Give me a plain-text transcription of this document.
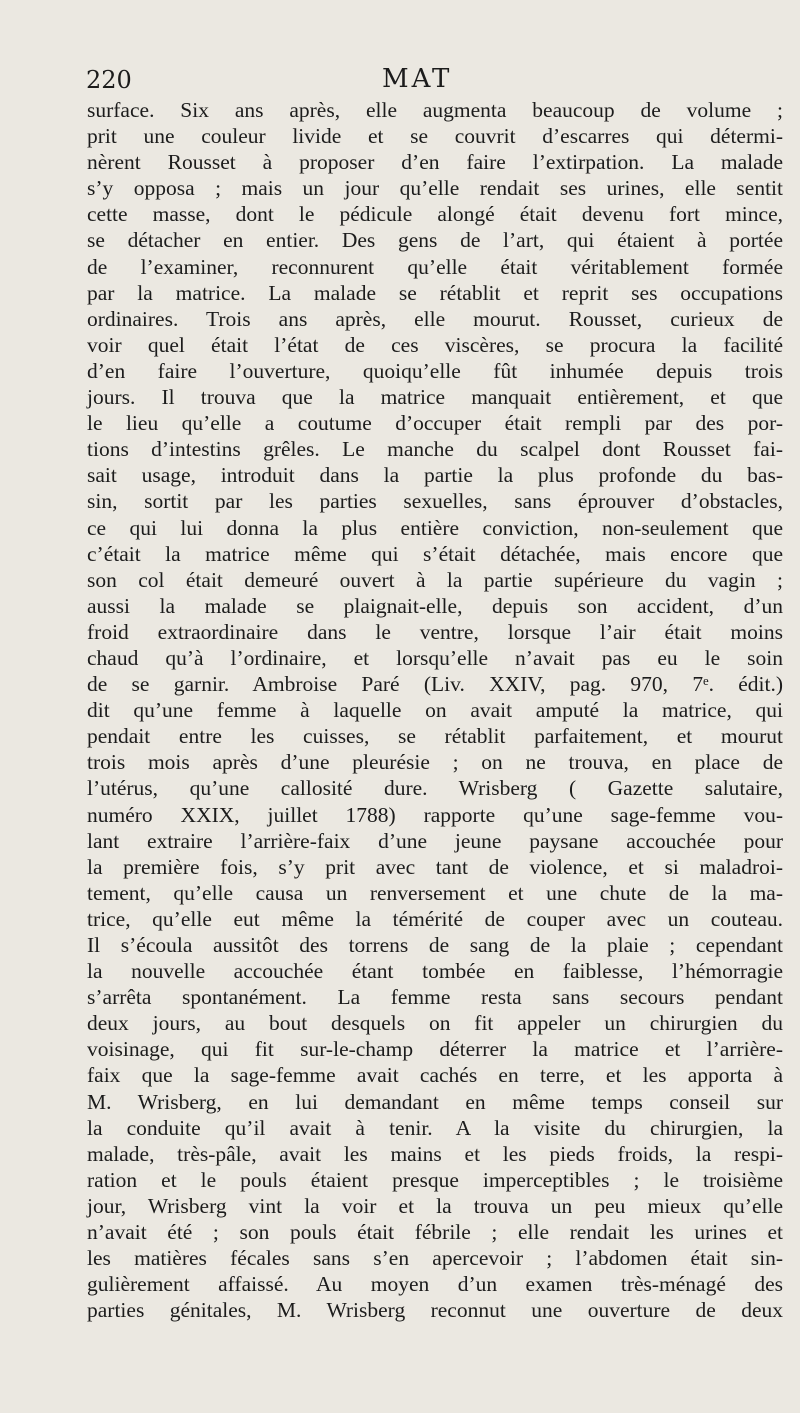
220	MAT
surface. Six ans après, elle augmenta beaucoup de volume ;
prit une couleur livide et se couvrit d’escarres qui détermi-
nèrent Rousset à proposer d’en faire l’extirpation. La malade
s’y opposa ; mais un jour qu’elle rendait ses urines, elle sentit
cette masse, dont le pédicule alongé était devenu fort mince,
se détacher en entier. Des gens de l’art, qui étaient à portée
de l’examiner, reconnurent qu’elle était véritablement formée
par la matrice. La malade se rétablit et reprit ses occupations
ordinaires. Trois ans après, elle mourut. Rousset, curieux de
voir quel était l’état de ces viscères, se procura la facilité
d’en faire l’ouverture, quoiqu’elle fût inhumée depuis trois
jours. Il trouva que la matrice manquait entièrement, et que
le lieu qu’elle a coutume d’occuper était rempli par des por-
tions d’intestins grêles. Le manche du scalpel dont Rousset fai-
sait usage, introduit dans la partie la plus profonde du bas-
sin, sortit par les parties sexuelles, sans éprouver d’obstacles,
ce qui lui donna la plus entière conviction, non-seulement que
c’était la matrice même qui s’était détachée, mais encore que
son col était demeuré ouvert à la partie supérieure du vagin ;
aussi la malade se plaignait-elle, depuis son accident, d’un
froid extraordinaire dans le ventre, lorsque l’air était moins
chaud qu’à l’ordinaire, et lorsqu’elle n’avait pas eu le soin
de se garnir. Ambroise Paré (Liv. XXIV, pag. 970, 7ᵉ. édit.)
dit qu’une femme à laquelle on avait amputé la matrice, qui
pendait entre les cuisses, se rétablit parfaitement, et mourut
trois mois après d’une pleurésie ; on ne trouva, en place de
l’utérus, qu’une callosité dure. Wrisberg ( Gazette salutaire,
numéro XXIX, juillet 1788) rapporte qu’une sage-femme vou-
lant extraire l’arrière-faix d’une jeune paysane accouchée pour
la première fois, s’y prit avec tant de violence, et si maladroi-
tement, qu’elle causa un renversement et une chute de la ma-
trice, qu’elle eut même la témérité de couper avec un couteau.
Il s’écoula aussitôt des torrens de sang de la plaie ; cependant
la nouvelle accouchée étant tombée en faiblesse, l’hémorragie
s’arrêta spontanément. La femme resta sans secours pendant
deux jours, au bout desquels on fit appeler un chirurgien du
voisinage, qui fit sur-le-champ déterrer la matrice et l’arrière-
faix que la sage-femme avait cachés en terre, et les apporta à
M. Wrisberg, en lui demandant en même temps conseil sur
la conduite qu’il avait à tenir. A la visite du chirurgien, la
malade, très-pâle, avait les mains et les pieds froids, la respi-
ration et le pouls étaient presque imperceptibles ; le troisième
jour, Wrisberg vint la voir et la trouva un peu mieux qu’elle
n’avait été ; son pouls était fébrile ; elle rendait les urines et
les matières fécales sans s’en apercevoir ; l’abdomen était sin-
gulièrement affaissé. Au moyen d’un examen très-ménagé des
parties génitales, M. Wrisberg reconnut une ouverture de deux
